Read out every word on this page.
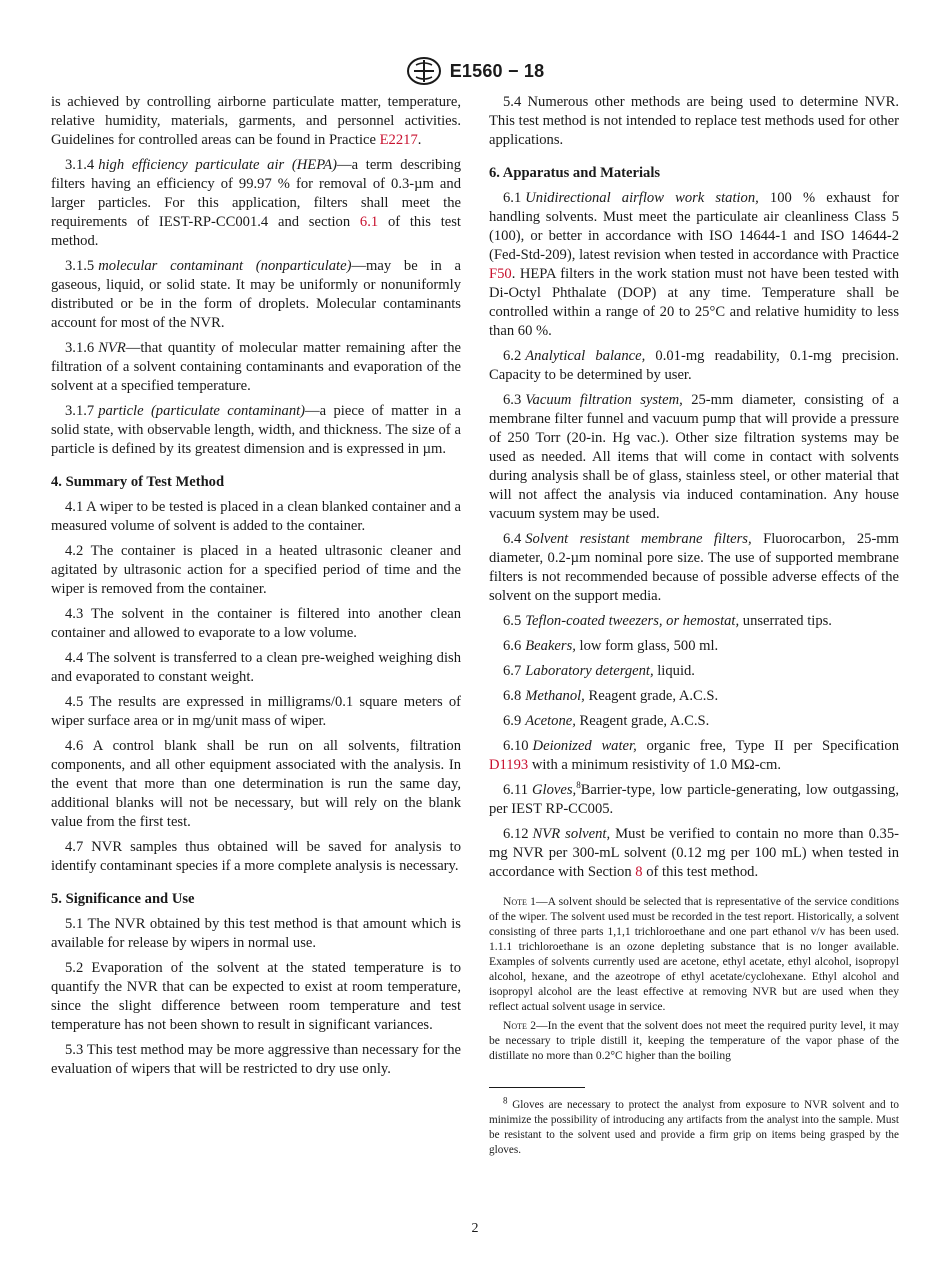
E1560 − 18

is achieved by controlling airborne particulate matter, temperature, relative humidity, materials, garments, and personnel activities. Guidelines for controlled areas can be found in Practice E2217.

3.1.4 high efficiency particulate air (HEPA)—a term describing filters having an efficiency of 99.97 % for removal of 0.3-µm and larger particles. For this application, filters shall meet the requirements of IEST-RP-CC001.4 and section 6.1 of this test method.

3.1.5 molecular contaminant (nonparticulate)—may be in a gaseous, liquid, or solid state. It may be uniformly or nonuniformly distributed or be in the form of droplets. Molecular contaminants account for most of the NVR.

3.1.6 NVR—that quantity of molecular matter remaining after the filtration of a solvent containing contaminants and evaporation of the solvent at a specified temperature.

3.1.7 particle (particulate contaminant)—a piece of matter in a solid state, with observable length, width, and thickness. The size of a particle is defined by its greatest dimension and is expressed in µm.

4. Summary of Test Method

4.1 A wiper to be tested is placed in a clean blanked container and a measured volume of solvent is added to the container.

4.2 The container is placed in a heated ultrasonic cleaner and agitated by ultrasonic action for a specified period of time and the wiper is removed from the container.

4.3 The solvent in the container is filtered into another clean container and allowed to evaporate to a low volume.

4.4 The solvent is transferred to a clean pre-weighed weighing dish and evaporated to constant weight.

4.5 The results are expressed in milligrams/0.1 square meters of wiper surface area or in mg/unit mass of wiper.

4.6 A control blank shall be run on all solvents, filtration components, and all other equipment associated with the analysis. In the event that more than one determination is run the same day, additional blanks will not be necessary, but will rely on the blank value from the first test.

4.7 NVR samples thus obtained will be saved for analysis to identify contaminant species if a more complete analysis is necessary.

5. Significance and Use

5.1 The NVR obtained by this test method is that amount which is available for release by wipers in normal use.

5.2 Evaporation of the solvent at the stated temperature is to quantify the NVR that can be expected to exist at room temperature, since the slight difference between room temperature and test temperature has not been shown to result in significant variances.

5.3 This test method may be more aggressive than necessary for the evaluation of wipers that will be restricted to dry use only.

5.4 Numerous other methods are being used to determine NVR. This test method is not intended to replace test methods used for other applications.

6. Apparatus and Materials

6.1 Unidirectional airflow work station, 100 % exhaust for handling solvents. Must meet the particulate air cleanliness Class 5 (100), or better in accordance with ISO 14644-1 and ISO 14644-2 (Fed-Std-209), latest revision when tested in accordance with Practice F50. HEPA filters in the work station must not have been tested with Di-Octyl Phthalate (DOP) at any time. Temperature shall be controlled within a range of 20 to 25°C and relative humidity to less than 60 %.

6.2 Analytical balance, 0.01-mg readability, 0.1-mg precision. Capacity to be determined by user.

6.3 Vacuum filtration system, 25-mm diameter, consisting of a membrane filter funnel and vacuum pump that will provide a pressure of 250 Torr (20-in. Hg vac.). Other size filtration systems may be used as needed. All items that will come in contact with solvents during analysis shall be of glass, stainless steel, or other material that will not affect the analysis via induced contamination. Any house vacuum system may be used.

6.4 Solvent resistant membrane filters, Fluorocarbon, 25-mm diameter, 0.2-µm nominal pore size. The use of supported membrane filters is not recommended because of possible adverse effects of the solvent on the support media.

6.5 Teflon-coated tweezers, or hemostat, unserrated tips.

6.6 Beakers, low form glass, 500 ml.

6.7 Laboratory detergent, liquid.

6.8 Methanol, Reagent grade, A.C.S.

6.9 Acetone, Reagent grade, A.C.S.

6.10 Deionized water, organic free, Type II per Specification D1193 with a minimum resistivity of 1.0 MΩ-cm.

6.11 Gloves,$^8$Barrier-type, low particle-generating, low outgassing, per IEST RP-CC005.

6.12 NVR solvent, Must be verified to contain no more than 0.35-mg NVR per 300-mL solvent (0.12 mg per 100 mL) when tested in accordance with Section 8 of this test method.

Note 1—A solvent should be selected that is representative of the service conditions of the wiper. The solvent used must be recorded in the test report. Historically, a solvent consisting of three parts 1,1,1 trichloroethane and one part ethanol v/v has been used. 1.1.1 trichloroethane is an ozone depleting substance that is no longer available. Examples of solvents currently used are acetone, ethyl acetate, ethyl alcohol, isopropyl alcohol, hexane, and the azeotrope of ethyl acetate/cyclohexane. Ethyl alcohol and isopropyl alcohol are the least effective at removing NVR but are used when they reflect actual solvent usage in service.

Note 2—In the event that the solvent does not meet the required purity level, it may be necessary to triple distill it, keeping the temperature of the vapor phase of the distillate no more than 0.2°C higher than the boiling

$^8$ Gloves are necessary to protect the analyst from exposure to NVR solvent and to minimize the possibility of introducing any artifacts from the analyst into the sample. Must be resistant to the solvent used and provide a firm grip on items being grasped by the gloves.

2
